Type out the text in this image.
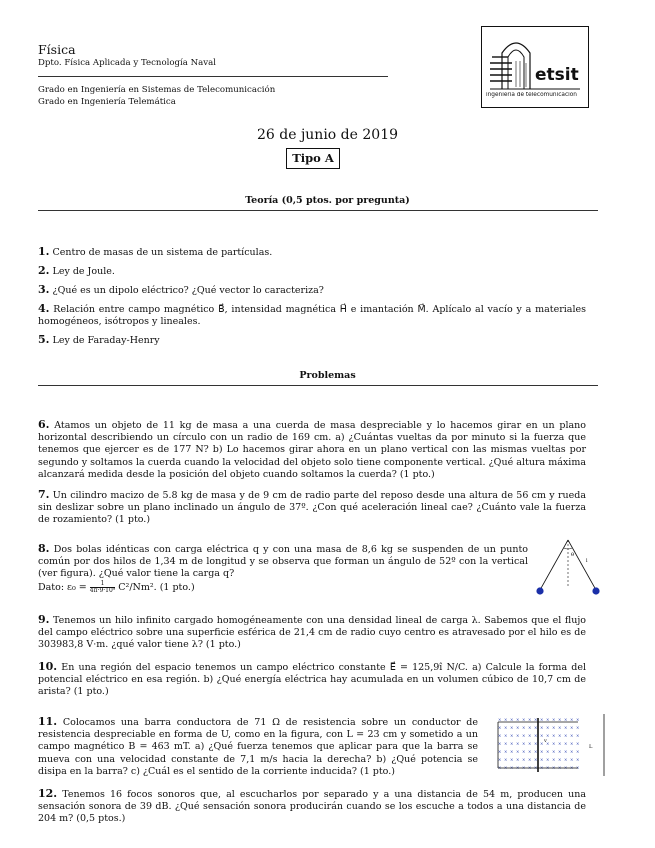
Física
Dpto. Física Aplicada y Tecnología Naval
Grado en Ingeniería en Sistemas de Telecomunicación
Grado en Ingeniería Telemática
etsit
ingeniería de telecomunicación
26 de junio de 2019
Tipo A
Teoría (0,5 ptos. por pregunta)
1. Centro de masas de un sistema de partículas.
2. Ley de Joule.
3. ¿Qué es un dipolo eléctrico? ¿Qué vector lo caracteriza?
4. Relación entre campo magnético B⃗, intensidad magnética H⃗ e imantación M⃗. Aplícalo al vacío y a materiales homogéneos, isótropos y lineales.
5. Ley de Faraday-Henry
Problemas
6. Atamos un objeto de 11 kg de masa a una cuerda de masa despreciable y lo hacemos girar en un plano horizontal describiendo un círculo con un radio de 169 cm. a) ¿Cuántas vueltas da por minuto si la fuerza que tenemos que ejercer es de 177 N? b) Lo hacemos girar ahora en un plano vertical con las mismas vueltas por segundo y soltamos la cuerda cuando la velocidad del objeto solo tiene componente vertical. ¿Qué altura máxima alcanzará medida desde la posición del objeto cuando soltamos la cuerda? (1 pto.)
7. Un cilindro macizo de 5.8 kg de masa y de 9 cm de radio parte del reposo desde una altura de 56 cm y rueda sin deslizar sobre un plano inclinado un ángulo de 37º. ¿Con qué aceleración lineal cae? ¿Cuánto vale la fuerza de rozamiento? (1 pto.)
8. Dos bolas idénticas con carga eléctrica q y con una masa de 8,6 kg se suspenden de un punto común por dos hilos de 1,34 m de longitud y se observa que forman un ángulo de 52º con la vertical (ver figura). ¿Qué valor tiene la carga q?
Dato: $\varepsilon_0 = \frac{1}{\text{4π·9·10⁹}} C^2/Nm^2$. (1 pto.)
θ
l
9. Tenemos un hilo infinito cargado homogéneamente con una densidad lineal de carga λ. Sabemos que el flujo del campo eléctrico sobre una superficie esférica de 21,4 cm de radio cuyo centro es atravesado por el hilo es de 303983,8 V·m. ¿qué valor tiene λ? (1 pto.)
10. En una región del espacio tenemos un campo eléctrico constante E⃗ = 125,9î N/C. a) Calcule la forma del potencial eléctrico en esa región. b) ¿Qué energía eléctrica hay acumulada en un volumen cúbico de 10,7 cm de arista? (1 pto.)
11. Colocamos una barra conductora de 71 Ω de resistencia sobre un conductor de resistencia despreciable en forma de U, como en la figura, con L = 23 cm y sometido a un campo magnético B = 463 mT. a) ¿Qué fuerza tenemos que aplicar para que la barra se mueva con una velocidad constante de 7,1 m/s hacia la derecha? b) ¿Qué potencia se disipa en la barra? c) ¿Cuál es el sentido de la corriente inducida? (1 pto.)
× × × × × × × × × × × × × ×
× × × × × × × × × × × × × ×
× × × × × × × × × × × × × ×
× × × × × × × × × × × × × ×
× × × × × × × × × × × × × ×
× × × × × × × × × × × × × ×
× × × × × × × × × × × × × ×
v
L
12. Tenemos 16 focos sonoros que, al escucharlos por separado y a una distancia de 54 m, producen una sensación sonora de 39 dB. ¿Qué sensación sonora producirán cuando se los escuche a todos a una distancia de 204 m? (0,5 ptos.)
